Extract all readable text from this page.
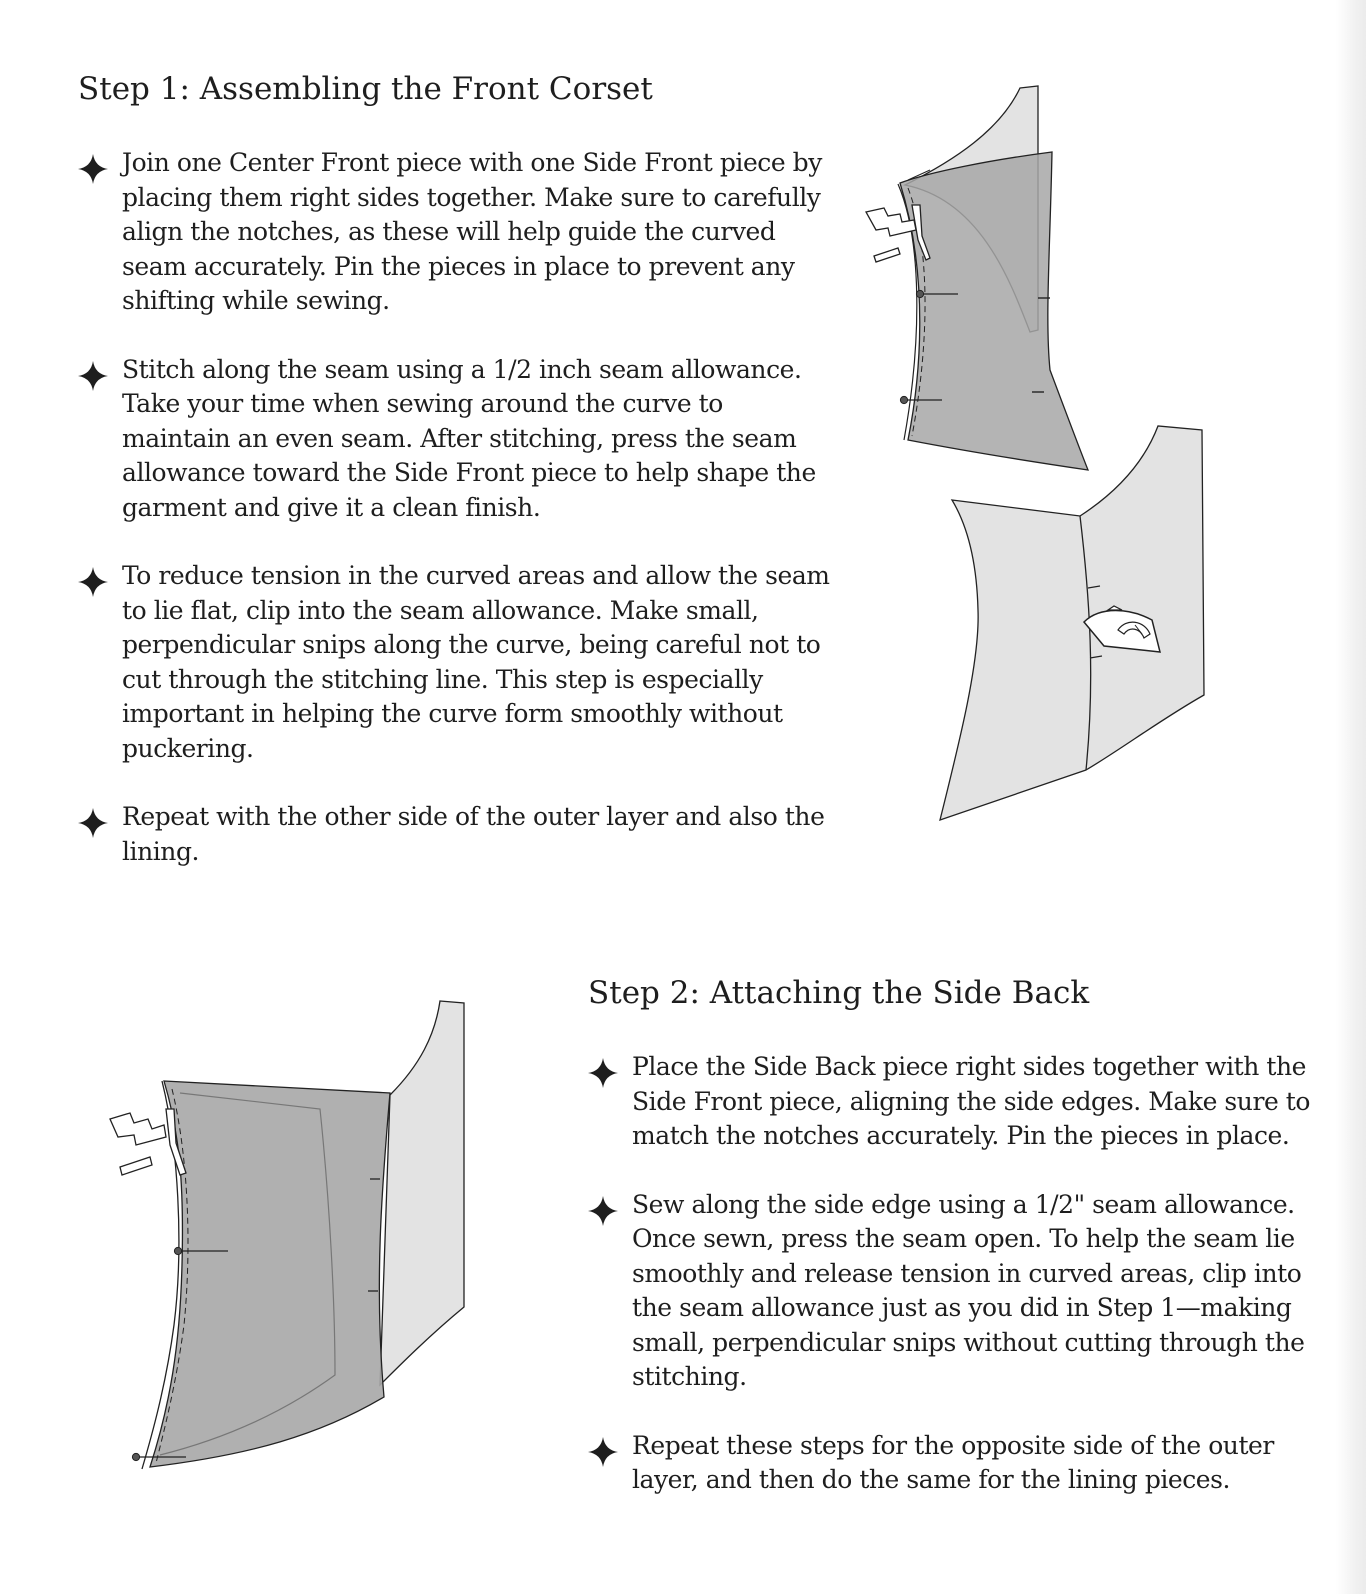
Step 1: Assembling the Front Corset

Join one Center Front piece with one Side Front piece by placing them right sides together. Make sure to carefully align the notches, as these will help guide the curved seam accurately. Pin the pieces in place to prevent any shifting while sewing.

Stitch along the seam using a 1/2 inch seam allowance. Take your time when sewing around the curve to maintain an even seam. After stitching, press the seam allowance toward the Side Front piece to help shape the garment and give it a clean finish.

To reduce tension in the curved areas and allow the seam to lie flat, clip into the seam allowance. Make small, perpendicular snips along the curve, being careful not to cut through the stitching line. This step is especially important in helping the curve form smoothly without puckering.

Repeat with the other side of the outer layer and also the lining.

Step 2: Attaching the Side Back

Place the Side Back piece right sides together with the Side Front piece, aligning the side edges. Make sure to match the notches accurately. Pin the pieces in place.

Sew along the side edge using a 1/2" seam allowance. Once sewn, press the seam open. To help the seam lie smoothly and release tension in curved areas, clip into the seam allowance just as you did in Step 1—making small, perpendicular snips without cutting through the stitching.

Repeat these steps for the opposite side of the outer layer, and then do the same for the lining pieces.
